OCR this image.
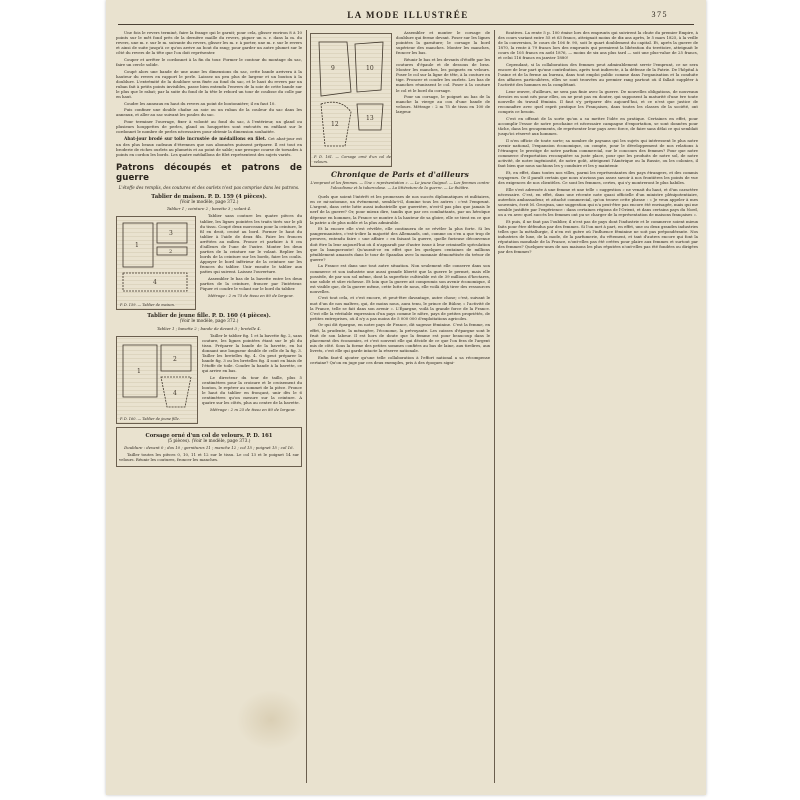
LA MODE ILLUSTRÉE	375

Une fois le revers terminé, faire la frange qui le garnit; pour cela, glisser environ 8 à 10 points sur le mêt fond près de la dernière maille du revers, piquer un n. r. dans la m. du revers, une m. r. sur le m. suivante du revers, glisser les m. r. à porter, une m. r. sur le revers et ainsi de suite jusqu'à ce qu'on arrive au bout du rang; pour garder un autre plumet sur le côté du revers de la tête que l'on doit représenter.

Couper et arrêter le cordonnet à la fin du tour. Former le contour du montage du sac, faire un cercle solide.

Coupé alors une bande de une aune les dimensions du sac, cette bande arrivera à la hauteur du revers en rapport le perle. Laissez un peu plus de largeur et un bouton à la doublure. L'extrémité de la doublure sera fixée au fond du sac, et le haut du revers par un ruban fait à petits points invisibles, passe bien entendu l'envers de la soie de cette bande sur le plus que le rabat; par la suite du fond de la tête le rebord un tour de coulisse du colle par en haut.

Coudre les anneaux en haut du revers au point de boutonnière; il en faut 10.

Puis confiner une double chaîne au soie ou un ruban de la couleur du sac dans les anneaux, et aller au sac suivant les poules du sac.

Pour terminer l'ouvrage, fixer à volonté au fond du sac, à l'extérieur, un gland ou plusieurs houppettes de perles, gland ou houppettes sont exécutés en enfilant sur le cordonnet le nombre de perles nécessaires pour obtenir la dimension souhaitée.

Abat-jour brodé sur toile incrustée de médaillons en filet. Cet abat-jour est un des plus beaux cadeaux d'étrennes que nos abonnées puissent préparer. Il est tout en broderie de riches ourlets au plumetis et au point de sable; une presque course de torsades à points en cordon les bords. Les quatre médaillons de filet représentent des sujets variés.

Patrons découpés et patrons de guerre
L'étoffe des remplis, des coutures et des ourlets n'est pas comprise dans les patrons.
Tablier de maison. P. D. 159 (4 pièces).
(Voir le modèle, page 372.)
Tablier 1 ; ceinture 2 ; bavette 3 ; volant 4.
1
3
2
4
P. D. 159. — Tablier de maison.

Tablier sans couture les quatre pièces du tablier, les lignes pointées les traits tirés sur le pli du tissu. Coupé deux morceaux pour la ceinture, le fil en droit, croisé au bord. Former le haut du tablier à l'aide de deux fils. Faire les fronces arrêtées au milieu. Fronce et parfaire à 8 cm d'ailleurs de l'une de l'autre. Monter les deux parties de la ceinture sur le volant. Replier les bords de la ceinture sur les bords, faire les coulis. Appuyer le bord inférieur de la ceinture sur les fronces du tablier. Unir ensuite le tablier aux pattes qui suivent. Laissez l'ouverture.

Assembler le bas de la bavette entre les deux parties de la ceinture, froncer par l'intérieur. Piquer et coudre le volant sur le bord du tablier.

Métrage : 2 m 75 de tissu en 80 de largeur.

Tablier de jeune fille. P. D. 160 (4 pièces).
(Voir le modèle, page 372.)
Tablier 1 ; bavette 2 ; bande de devant 3 ; bretelle 4.
1
2
4
P. D. 160. — Tablier de jeune fille.

Tailler le tablier fig. 1 et la bavette fig. 2, sans couture, les lignes pointées étant sur le pli du tissu. Préparer la bande de la bavette, en lui donnant une longueur double de celle de la fig. 3. Tailler les bretelles fig. 4. On peut préparer la bande fig. 3 ou les bretelles fig. 4 sont en biais de l'étoffe de toile. Coudre la bande à la bavette, ce qui arrive en bas.

Le directeur du tour de taille, plus 5 centimètres pour la croisure et le croisement du bouton, le repérer au sommet de la pièce. Fronce le haut du tablier en fronçant, unir dès le 6 centimètres qu'on mesure sur la ceinture. A quatre sur les côtés, plus au centre de la bavette.

Métrage : 2 m 25 de tissu en 80 de largeur.

Corsage orné d'un col de velours. P. D. 161
(5 pièces). (Voir le modèle, page 373.)
Doublure : devant 0 ; dos 10 ; garnitures 11 ; manche 12 ; col 15 ; poignet 15 ; col 16.

Tailler toutes les pièces 0, 10, 11 et 12 sur le tissu. Le col 13 et le poignet 14 sur velours. Réunir les coutures, froncer les manches.

9	10
12
13
P. D. 161. — Corsage orné d'un col de velours.

Assembler et monter le corsage de doublure qui ferme devant. Poser sur les lignes pointées la garniture; le corsage la bord supérieur des manches. Monter les manches, froncer les bas.

Réunir le bas et les devants d'étoffe par les coutures d'épaule et de dessous de bras. Monter les manches, les poignets en velours. Poser le col sur la ligne de tête, à la couture en tige. Froncer et coudre les ourlets. Les bas de manches réunissent le col. Poser à la couture le col et le bord du corsage.

Pour un corsage, le poignet au bas de la manche la vierge au cou d'une bande de velours. Métrage : 2 m 75 de tissu en 100 de largeur.

Chronique de Paris et d'ailleurs
L'emprunt et les femmes. — Une « représentation ». — Le jeune Guignol. — Les femmes contre l'alcoolisme et la tuberculose. — La littérature de la guerre. — Le théâtre.

Quels que soient l'intérêt et les promesses de nos succès diplomatiques et militaires, en ce mi-automne, un événement, sembla-t-il, domine tous les autres : c'est l'emprunt. L'argent, dans cette lutte aussi industrielle que guerrière, n'est-il pas plus que jamais le nerf de la guerre? Or, pour mieux dire, tandis que par ces combattants, par un héroïque dépense en hommes, la France se montre à la hauteur de sa gloire, elle se tient en ce que la patrie a de plus noble et la plus admirable.

Et la encore elle s'est révélée, elle continuera de se révéler la plus forte. Si les pangermanistes, c'est-à-dire la majorité des Allemands, ont, comme on s'en a que trop de preuves, entendu faire « une affaire » en faisant la guerre, quelle furieuse déconvenue doit être la leur aujourd'hui où il n'apparaît par d'autre issue à leur criminelle spéculation que la banqueroute! Qu'aurait-ce en effet que les quelques centaines de millions péniblement amassés dans le tour de Spandau avec la monnaie démonétisée du trésor de guerre?

La France est dans une tout autre situation. Non seulement elle conserve dans son commerce et son industrie une aussi grande liberté que la guerre le permet, mais elle possède, de par son sol même, dont la superficie cultivable est de 39 millions d'hectares, une solide et sûre richesse. Et loin que la guerre ait compromis son avenir économique, il est visible que, de la guerre même, cette lutte de nous, elle voilà déjà tirer des ressources nouvelles.

C'est tout cela, et c'est encore, et peut-être davantage, autre chose; c'est, suivant le mot d'un de nos maîtres, qui, de moins nous, aura tenu, le prince de Bülow, « l'activité de la France, telle se fait dans son avenir ». L'Épargne, voilà la grande force de la France. C'est elle la véritable expression d'un pays comme le nôtre, pays de petites propriétés, de petites entreprises, où il n'y a pas moins de 5 000 000 d'exploitations agricoles.

Or qui dit épargne, en notre pays de France, dit sagesse féminine. C'est la femme, en effet, la prudente, la ménagère, l'économe, la prévoyante. Les caisses d'épargne sont le fruit de son labeur. Il est hors de doute que la femme est pour beaucoup dans le placement des économies, et c'est souvent elle qui décide de ce que l'on fera de l'argent mis de côté. Sous la forme des petites sommes confiées au bas de laine, aux tirelires, aux livrets, c'est elle qui garde intacte la réserve nationale.

Enfin faut-il ajouter qu'une telle collaboration à l'effort national a sa récompense certaine? Qu'on en juge par ces deux exemples, pris à des époques signi-

ficatives. La rente 5 p. 100 émise lors des emprunts qui suivirent la chute du premier Empire, à des cours variant entre 55 et 63 francs, atteignait moins de dix ans après, le 5 mars 1825, à la veille de la conversion, le cours de 106 fr. 90, soit le quart doublement du capital. Et, après la guerre de 1870, la rente à 79 francs lors des emprunts qui permirent la libération du territoire, atteignait le cours de 105 francs en août 1876, — moins de six ans plus tard — soit une plus-value de 25 francs, et celui 116 francs en janvier 1880!

Cependant, si la collaboration des femmes peut admirablement servir l'emprunt, ce ne sera encore de leur part qu'une contribution, après tout indirecte, à la défense de la Patrie. De l'hôpital à l'usine et de la ferme au bureau, dans tout emploi public comme dans l'organisation et la conduite des affaires particulières, elles se sont trouvées au premier rang partout où il fallait suppléer à l'activité des hommes en la complétant.

Leur œuvre, d'ailleurs, ne sera pas finie avec la guerre. De nouvelles obligations, de nouveaux devoirs en sont nés pour elles, on ne peut pas en douter, qui supposent la maturité d'une ère toute nouvelle du travail féminin. Il faut s'y préparer dès aujourd'hui, et ce n'est que justice de reconnaître avec quel esprit pratique les Françaises, dans toutes les classes de la société, ont compris ce besoin.

C'est en offrant de la sorte qu'on a su mettre l'idée en pratique. Certaines en effet, pour accomplir l'essor de notre prochaine et nécessaire campagne d'exportation, se sont données pour tâche, dans les groupements, de représenter leur pays avec force, de faire sans délai ce qui semblait jusqu'ici réservé aux hommes.

Il n'en officie de toute sorte; sa nombre de paysans qui les sujets qui intéressent le plus notre avenir national, l'expansion économique, on compte, pour le développement de nos relations à l'étranger, le prestige de notre parfum commercial, sur le concours des femmes? Pour que notre commerce d'exportation reconquière sa juste place, pour que les produits de notre sol, de notre activité, de notre ingéniosité, de notre goût, atteignent l'Amérique ou la Russie, ou les colonies, il faut bien que nous sachions les y conduire et les y maintenir.

Et, en effet, dans toutes nos villes, parmi les représentantes des pays étrangers, et des commis voyageurs. Or il paraît certain que nous n'avions pas assez savoir à nos frontières les points de vue des exigences de nos clientèles. Ce sont les femmes, certes, qui s'y montreront le plus habiles.

Elle s'est adressée à une femme et une telle « suggestion » ne venait du haut, et d'un caractère nécessaire. C'est, en effet, dans une récente note quasi officielle d'un ministre plénipotentiaire, autrefois ambassadeur, et attaché commercial, qu'on trouve cette phrase : « Je veux appeler à mes souvenirs, écrit M. Grosjean, une suggestion qui n'a peut-être pas encore été envisagée, mais qui me semble justifiée par l'expérience : dans certaines régions de l'Orient, et dans certains pays du Nord, on a vu avec quel succès les femmes ont pu se charger de la représentation de maisons françaises ».

Et puis, il ne faut pas l'oublier, il n'est pas de pays dont l'industrie et le commerce soient mieux faits pour être défendus par des femmes. Si l'on met à part, en effet, une ou deux grandes industries telles que la métallurgie, il n'en est guère où l'influence féminine ne soit pas prépondérante. Nos industries de luxe, de la mode, de la parfumerie, du vêtement, et tant d'autres encore qui font la réputation mondiale de la France, n'ont-elles pas été créées pour plaire aux femmes et surtout par des femmes? Quelques-unes de nos maisons les plus réputées n'ont-elles pas été fondées ou dirigées par des femmes?
